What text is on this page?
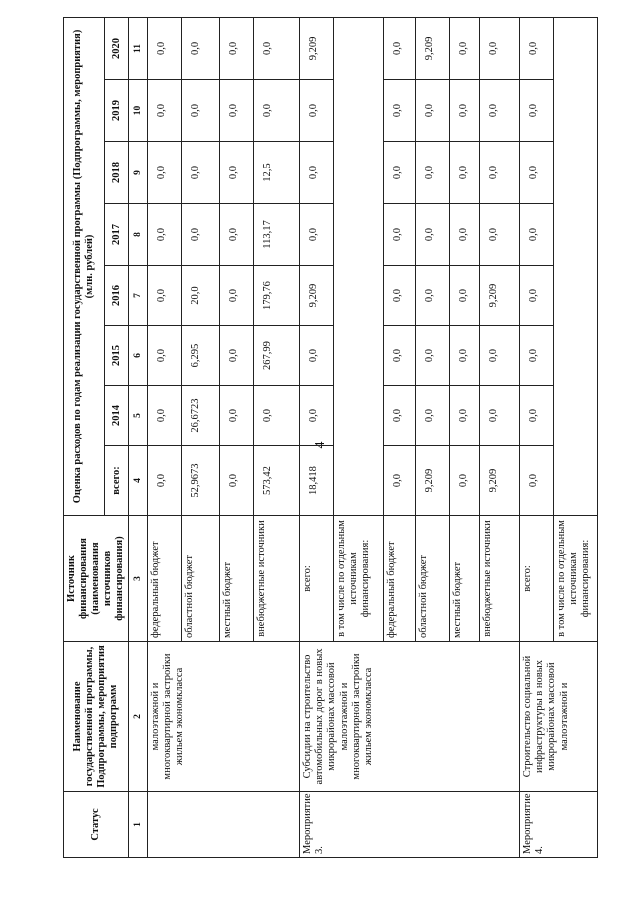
4
Статус	Наименование государственной программы, Подпрограммы, мероприятия подпрограмм	Источник финансирования (наименования источников финансирования)	Оценка расходов по годам реализации государственной программы (Подпрограммы, мероприятия) (млн. рублей)							
			всего:	2014	2015	2016	2017	2018	2019	2020
1	2	3	4	5	6	7	8	9	10	11
	малоэтажной и многоквартирной застройки жильем экономкласса	федеральный бюджет	0,0	0,0	0,0	0,0	0,0	0,0	0,0	0,0
		областной бюджет	52,9673	26,6723	6,295	20,0	0,0	0,0	0,0	0,0
		местный бюджет	0,0	0,0	0,0	0,0	0,0	0,0	0,0	0,0
		внебюджетные источники	573,42	0,0	267,99	179,76	113,17	12,5	0,0	0,0
Мероприятие 3.	Субсидии на строительство автомобильных дорог в новых микрорайонах массовой малоэтажной и многоквартирной застройки жильем экономкласса	всего:	18,418	0,0	0,0	9,209	0,0	0,0	0,0	9,209
		в том числе по отдельным источникам финансирования:								
		федеральный бюджет	0,0	0,0	0,0	0,0	0,0	0,0	0,0	0,0
		областной бюджет	9,209	0,0	0,0	0,0	0,0	0,0	0,0	9,209
		местный бюджет	0,0	0,0	0,0	0,0	0,0	0,0	0,0	0,0
		внебюджетные источники	9,209	0,0	0,0	9,209	0,0	0,0	0,0	0,0
Мероприятие 4.	Строительство социальной инфраструктуры в новых микрорайонах массовой малоэтажной и	всего:	0,0	0,0	0,0	0,0	0,0	0,0	0,0	0,0
		в том числе по отдельным источникам финансирования:								
